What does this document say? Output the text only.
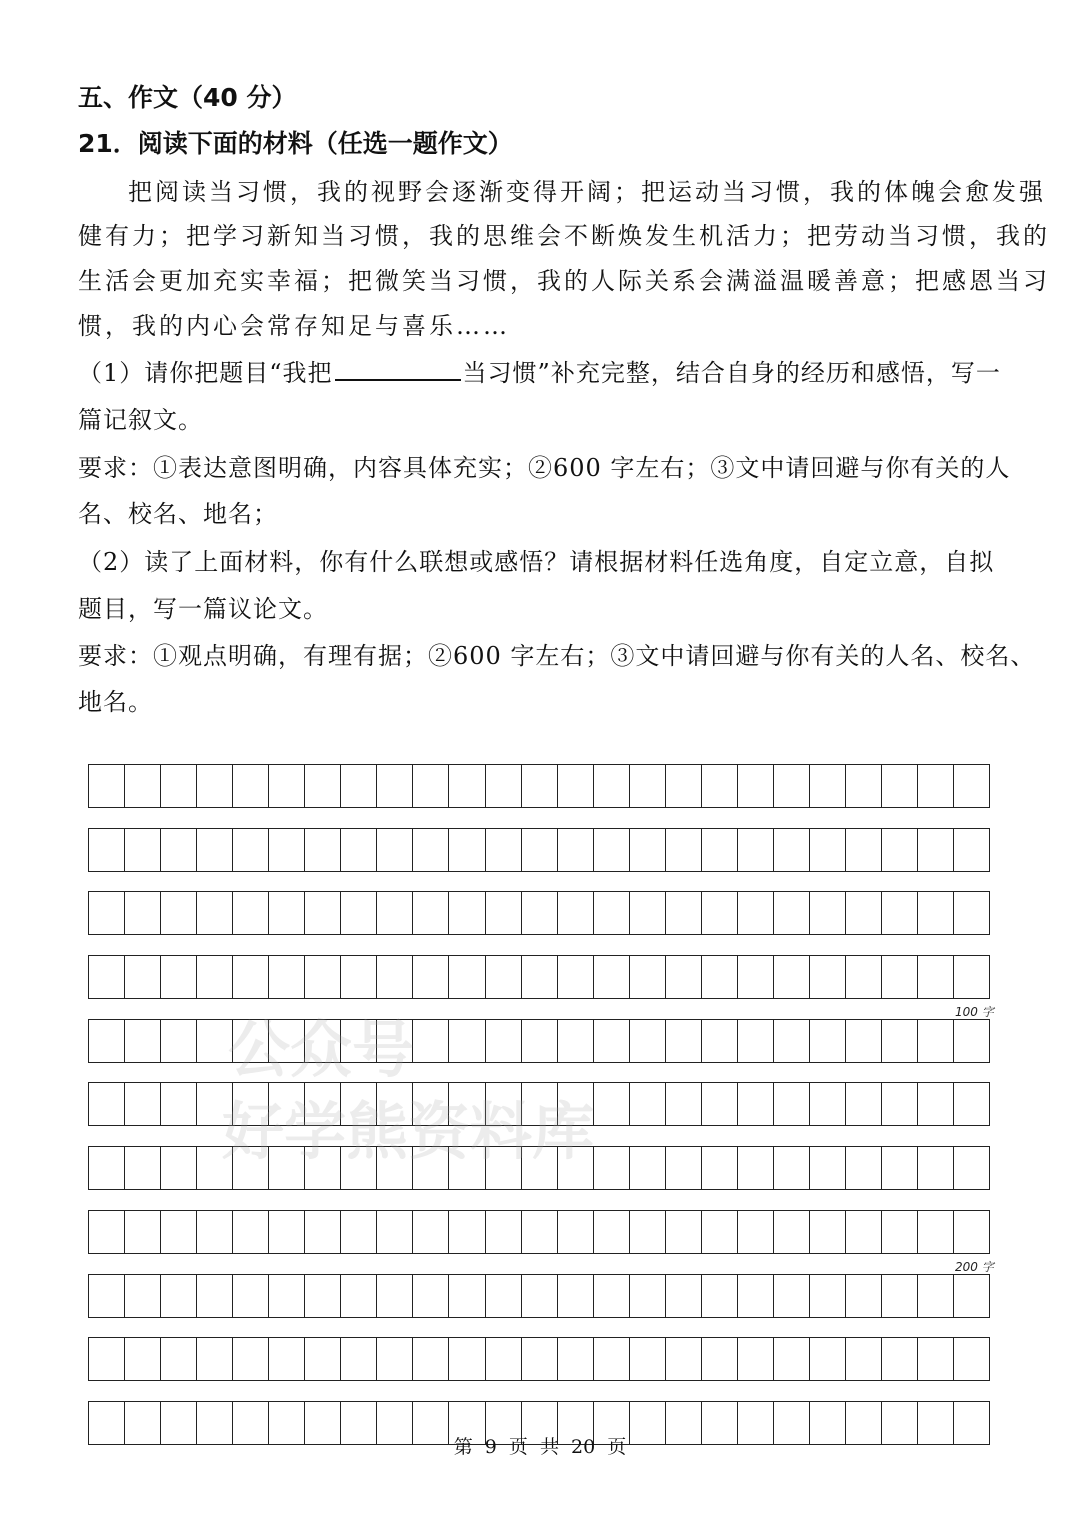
五、作文（40 分）
21．阅读下面的材料（任选一题作文）
把阅读当习惯，我的视野会逐渐变得开阔；把运动当习惯，我的体魄会愈发强
健有力；把学习新知当习惯，我的思维会不断焕发生机活力；把劳动当习惯，我的
生活会更加充实幸福；把微笑当习惯，我的人际关系会满溢温暖善意；把感恩当习
惯，我的内心会常存知足与喜乐……
（1）请你把题目“我把	当习惯”补充完整，结合自身的经历和感悟，写一
篇记叙文。
要求：①表达意图明确，内容具体充实；②600 字左右；③文中请回避与你有关的人
名、校名、地名；
（2）读了上面材料，你有什么联想或感悟？请根据材料任选角度，自定立意，自拟
题目，写一篇议论文。
要求：①观点明确，有理有据；②600 字左右；③文中请回避与你有关的人名、校名、
地名。
100 字
200 字
公众号
好学熊资料库
第 9 页 共 20 页
